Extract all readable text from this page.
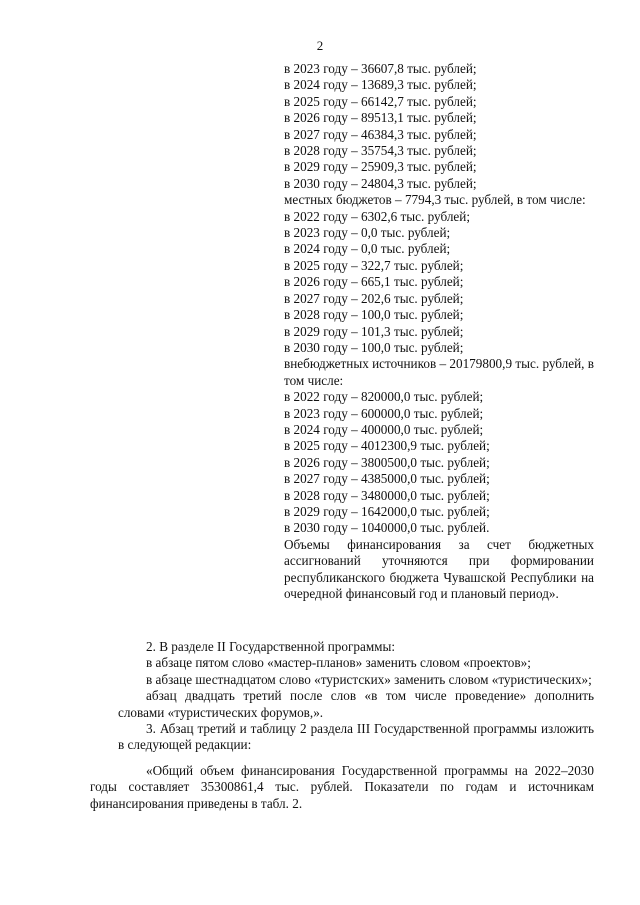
2
в 2023 году – 36607,8 тыс. рублей;
в 2024 году – 13689,3 тыс. рублей;
в 2025 году – 66142,7 тыс. рублей;
в 2026 году – 89513,1 тыс. рублей;
в 2027 году – 46384,3 тыс. рублей;
в 2028 году – 35754,3 тыс. рублей;
в 2029 году – 25909,3 тыс. рублей;
в 2030 году – 24804,3 тыс. рублей;
местных бюджетов – 7794,3 тыс. рублей, в том числе:
в 2022 году – 6302,6 тыс. рублей;
в 2023 году – 0,0 тыс. рублей;
в 2024 году – 0,0 тыс. рублей;
в 2025 году – 322,7 тыс. рублей;
в 2026 году – 665,1 тыс. рублей;
в 2027 году – 202,6 тыс. рублей;
в 2028 году – 100,0 тыс. рублей;
в 2029 году – 101,3 тыс. рублей;
в 2030 году – 100,0 тыс. рублей;
внебюджетных источников – 20179800,9 тыс. рублей, в том числе:
в 2022 году – 820000,0 тыс. рублей;
в 2023 году – 600000,0 тыс. рублей;
в 2024 году – 400000,0 тыс. рублей;
в 2025 году – 4012300,9 тыс. рублей;
в 2026 году – 3800500,0 тыс. рублей;
в 2027 году – 4385000,0 тыс. рублей;
в 2028 году – 3480000,0 тыс. рублей;
в 2029 году – 1642000,0 тыс. рублей;
в 2030 году – 1040000,0 тыс. рублей.
Объемы финансирования за счет бюджетных ассигнований уточняются при формировании республиканского бюджета Чувашской Республики на очередной финансовый год и плановый период».

2. В разделе II Государственной программы:

в абзаце пятом слово «мастер-планов» заменить словом «проектов»;

в абзаце шестнадцатом слово «туристских» заменить словом «туристических»;

абзац двадцать третий после слов «в том числе проведение» дополнить словами «туристических форумов,».

3. Абзац третий и таблицу 2 раздела III Государственной программы изложить в следующей редакции:

«Общий объем финансирования Государственной программы на 2022–2030 годы составляет 35300861,4 тыс. рублей. Показатели по годам и источникам финансирования приведены в табл. 2.
